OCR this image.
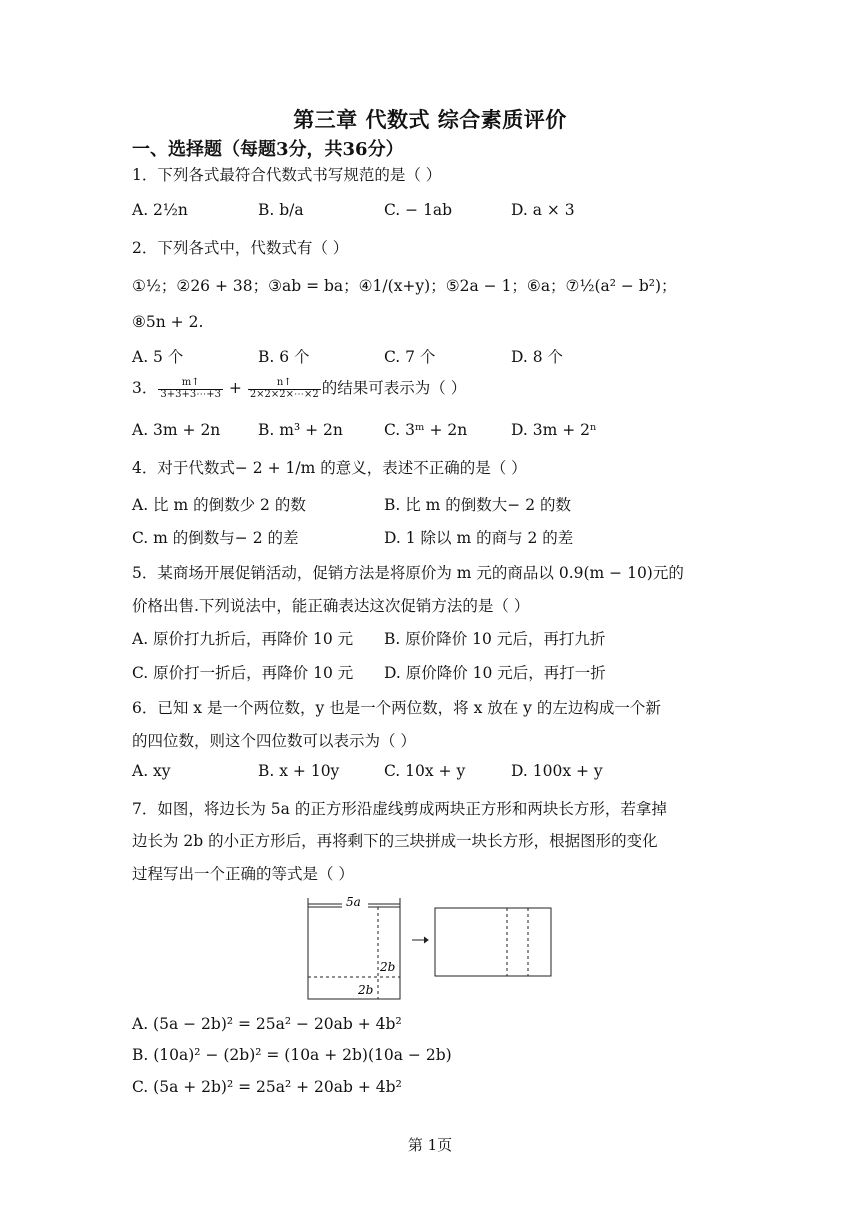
第三章 代数式 综合素质评价
一、选择题（每题3分，共36分）
1．下列各式最符合代数式书写规范的是（ ）
A. 2½n	B. b/a	C. − 1ab	D. a × 3
2．下列各式中，代数式有（ ）
①½；②26 + 38；③ab = ba；④1/(x+y)；⑤2a − 1；⑥a；⑦½(a² − b²)；
⑧5n + 2.
A. 5 个	B. 6 个	C. 7 个	D. 8 个
3． $\frac{m↑}{3+3+3\cdots+3} + \frac{n↑}{2\times 2\times 2\times\cdots\times 2}$ 的结果可表示为（ ）
A. 3m + 2n B. m³ + 2n	C. 3ᵐ + 2n	D. 3m + 2ⁿ
4．对于代数式− 2 + 1/m 的意义，表述不正确的是（ ）
A. 比 m 的倒数少 2 的数	B. 比 m 的倒数大− 2 的数
C. m 的倒数与− 2 的差	D. 1 除以 m 的商与 2 的差
5．某商场开展促销活动，促销方法是将原价为 m 元的商品以 0.9(m − 10)元的
价格出售.下列说法中，能正确表达这次促销方法的是（ ）
A. 原价打九折后，再降价 10 元 B. 原价降价 10 元后，再打九折
C. 原价打一折后，再降价 10 元 D. 原价降价 10 元后，再打一折
6．已知 x 是一个两位数，y 也是一个两位数，将 x 放在 y 的左边构成一个新
的四位数，则这个四位数可以表示为（ ）
A. xy	B. x + 10y	C. 10x + y	D. 100x + y
7．如图，将边长为 5a 的正方形沿虚线剪成两块正方形和两块长方形，若拿掉
边长为 2b 的小正方形后，再将剩下的三块拼成一块长方形，根据图形的变化
过程写出一个正确的等式是（ ）
5a
2b
2b
A. (5a − 2b)² = 25a² − 20ab + 4b²
B. (10a)² − (2b)² = (10a + 2b)(10a − 2b)
C. (5a + 2b)² = 25a² + 20ab + 4b²
第 1页
